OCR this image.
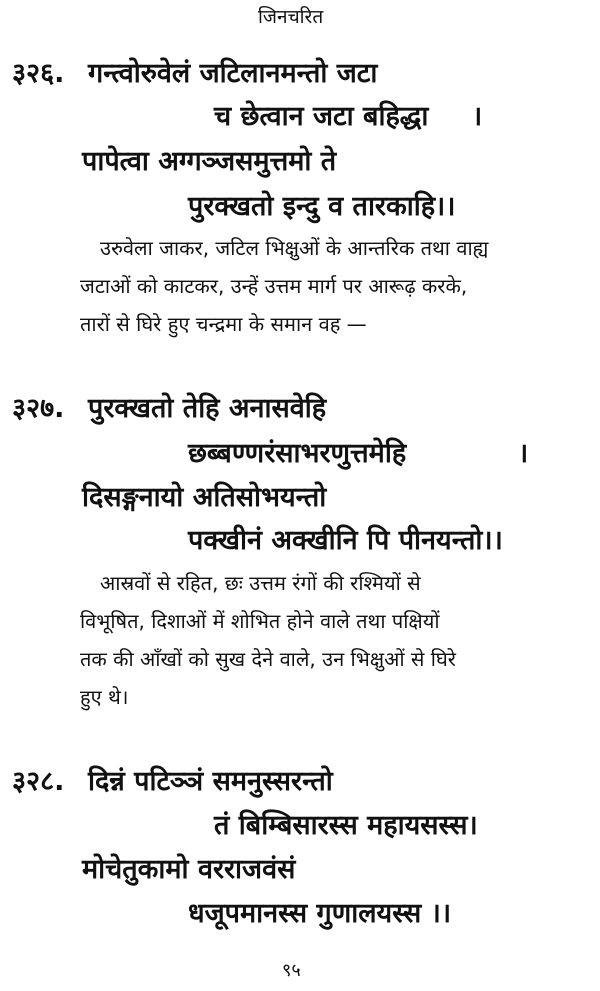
जिनचरित
३२६. गन्त्वोरुवेलं जटिलानमन्तो जटा
च छेत्वान जटा बहिद्धा ।
पापेत्वा अग्गञ्जसमुत्तमो ते
पुरक्खतो इन्दु व तारकाहि।।
उरुवेला जाकर, जटिल भिक्षुओं के आन्तरिक तथा वाह्य
जटाओं को काटकर, उन्हें उत्तम मार्ग पर आरूढ़ करके,
तारों से घिरे हुए चन्द्रमा के समान वह —
३२७. पुरक्खतो तेहि अनासवेहि
छब्बण्णरंसाभरणुत्तमेहि	।
दिसङ्गनायो अतिसोभयन्तो
पक्खीनं अक्खीनि पि पीनयन्तो।।
आस्रवों से रहित, छः उत्तम रंगों की रश्मियों से
विभूषित, दिशाओं में शोभित होने वाले तथा पक्षियों
तक की आँखों को सुख देने वाले, उन भिक्षुओं से घिरे
हुए थे।
३२८. दिन्नं पटिञ्ञं समनुस्सरन्तो
तं बिम्बिसारस्स महायसस्स।
मोचेतुकामो वरराजवंसं
धजूपमानस्स गुणालयस्स ।।
९५
